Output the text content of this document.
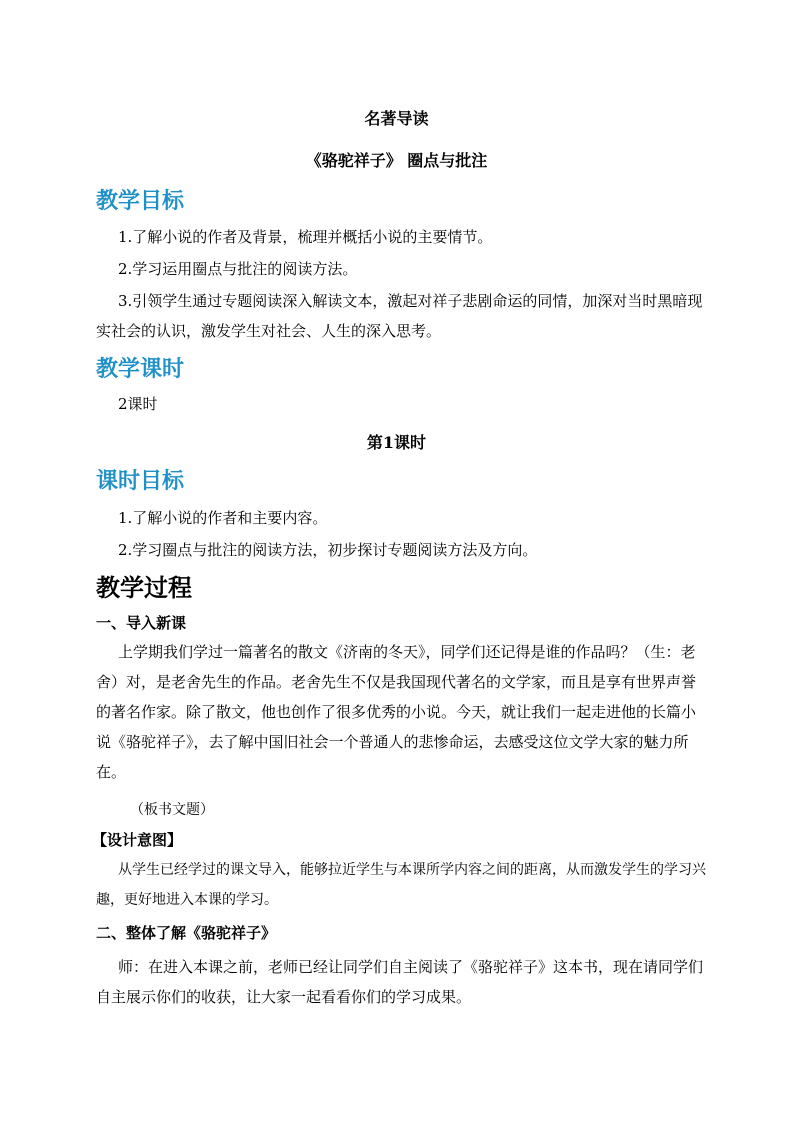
名著导读
《骆驼祥子》 圈点与批注
教学目标
1.了解小说的作者及背景，梳理并概括小说的主要情节。
2.学习运用圈点与批注的阅读方法。
3.引领学生通过专题阅读深入解读文本，激起对祥子悲剧命运的同情，加深对当时黑暗现实社会的认识，激发学生对社会、人生的深入思考。
教学课时
2课时
第1课时
课时目标
1.了解小说的作者和主要内容。
2.学习圈点与批注的阅读方法，初步探讨专题阅读方法及方向。
教学过程
一、导入新课
上学期我们学过一篇著名的散文《济南的冬天》，同学们还记得是谁的作品吗？（生：老舍）对，是老舍先生的作品。老舍先生不仅是我国现代著名的文学家，而且是享有世界声誉的著名作家。除了散文，他也创作了很多优秀的小说。今天，就让我们一起走进他的长篇小说《骆驼祥子》，去了解中国旧社会一个普通人的悲惨命运，去感受这位文学大家的魅力所在。
（板书文题）
【设计意图】
从学生已经学过的课文导入，能够拉近学生与本课所学内容之间的距离，从而激发学生的学习兴趣，更好地进入本课的学习。
二、整体了解《骆驼祥子》
师：在进入本课之前，老师已经让同学们自主阅读了《骆驼祥子》这本书，现在请同学们自主展示你们的收获，让大家一起看看你们的学习成果。
